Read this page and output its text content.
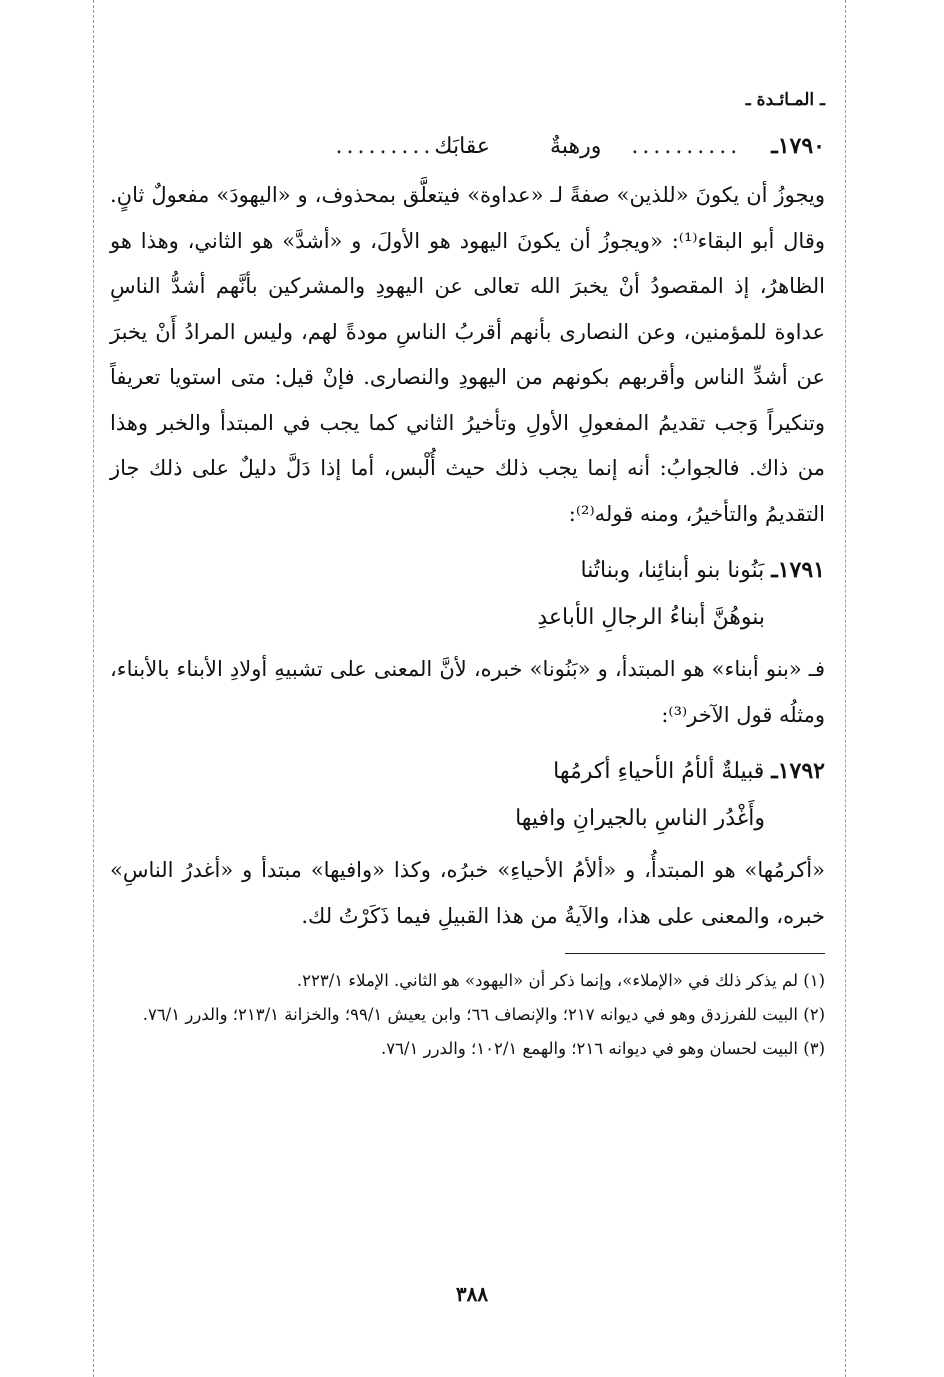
ـ المـائـدة ـ
١٧٩٠ـ
..........
ورهبةٌ
عقابَك
.........

ويجوزُ أن يكونَ «للذين» صفةً لـ «عداوة» فيتعلَّق بمحذوف، و «اليهودَ» مفعولٌ ثانٍ. وقال أبو البقاء⁽¹⁾: «ويجوزُ أن يكونَ اليهود هو الأولَ، و «أشدَّ» هو الثاني، وهذا هو الظاهرُ، إذ المقصودُ أنْ يخبرَ الله تعالى عن اليهودِ والمشركين بأنَّهم أشدُّ الناسِ عداوة للمؤمنين، وعن النصارى بأنهم أقربُ الناسِ مودةً لهم، وليس المرادُ أَنْ يخبرَ عن أشدِّ الناس وأقربهم بكونهم من اليهودِ والنصارى. فإنْ قيل: متى استويا تعريفاً وتنكيراً وَجب تقديمُ المفعولِ الأولِ وتأخيرُ الثاني كما يجب في المبتدأ والخبر وهذا من ذاك. فالجوابُ: أنه إنما يجب ذلك حيث أُلْبس، أما إذا دَلَّ دليلٌ على ذلك جاز التقديمُ والتأخيرُ، ومنه قوله⁽²⁾:

١٧٩١ـ بَنُونا بنو أبنائِنا، وبناتُنا
بنوهُنَّ أبناءُ الرجالِ الأباعدِ

فـ «بنو أبناء» هو المبتدأ، و «بَنُونا» خبره، لأنَّ المعنى على تشبيهِ أولادِ الأبناء بالأبناء، ومثلُه قول الآخر⁽³⁾:

١٧٩٢ـ قبيلةٌ ألأمُ الأحياءِ أكرمُها
وأَغْدُر الناسِ بالجيرانِ وافيها

«أكرمُها» هو المبتدأُ، و «ألأمُ الأحياءِ» خبرُه، وكذا «وافيها» مبتدأ و «أغدرُ الناسِ» خبره، والمعنى على هذا، والآيةُ من هذا القبيلِ فيما ذَكَرْتُ لك.

(١) لم يذكر ذلك في «الإملاء»، وإنما ذكر أن «اليهود» هو الثاني. الإملاء ٢٢٣/١.

(٢) البيت للفرزدق وهو في ديوانه ٢١٧؛ والإنصاف ٦٦؛ وابن يعيش ٩٩/١؛ والخزانة ٢١٣/١؛ والدرر ٧٦/١.

(٣) البيت لحسان وهو في ديوانه ٢١٦؛ والهمع ١٠٢/١؛ والدرر ٧٦/١.

٣٨٨
